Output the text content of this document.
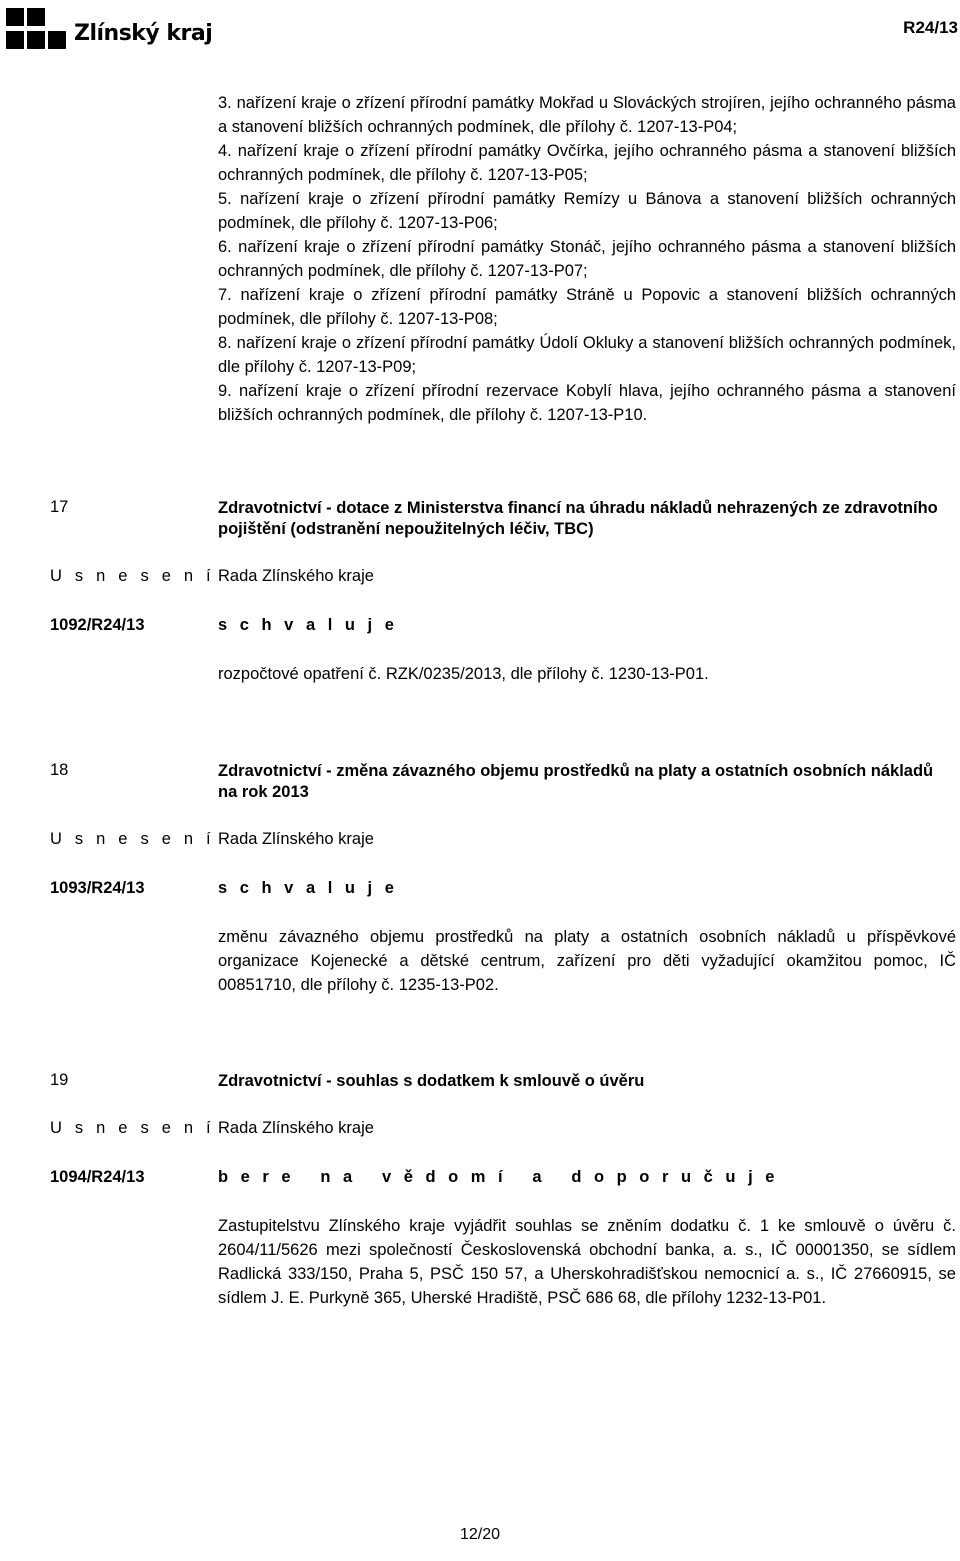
Zlínský kraj	R24/13

3. nařízení kraje o zřízení přírodní památky Mokřad u Slováckých strojíren, jejího ochranného pásma a stanovení bližších ochranných podmínek, dle přílohy č. 1207-13-P04;

4. nařízení kraje o zřízení přírodní památky Ovčírka, jejího ochranného pásma a stanovení bližších ochranných podmínek, dle přílohy č. 1207-13-P05;

5. nařízení kraje o zřízení přírodní památky Remízy u Bánova a stanovení bližších ochranných podmínek, dle přílohy č. 1207-13-P06;

6. nařízení kraje o zřízení přírodní památky Stonáč, jejího ochranného pásma a stanovení bližších ochranných podmínek, dle přílohy č. 1207-13-P07;

7. nařízení kraje o zřízení přírodní památky Stráně u Popovic a stanovení bližších ochranných podmínek, dle přílohy č. 1207-13-P08;

8. nařízení kraje o zřízení přírodní památky Údolí Okluky a stanovení bližších ochranných podmínek, dle přílohy č. 1207-13-P09;

9. nařízení kraje o zřízení přírodní rezervace Kobylí hlava, jejího ochranného pásma a stanovení bližších ochranných podmínek, dle přílohy č. 1207-13-P10.

17	Zdravotnictví - dotace z Ministerstva financí na úhradu nákladů nehrazených ze zdravotního pojištění (odstranění nepoužitelných léčiv, TBC)
U s n e s e n í Rada Zlínského kraje
1092/R24/13	s c h v a l u j e
rozpočtové opatření č. RZK/0235/2013, dle přílohy č. 1230-13-P01.
18	Zdravotnictví - změna závazného objemu prostředků na platy a ostatních osobních nákladů na rok 2013
U s n e s e n í Rada Zlínského kraje
1093/R24/13	s c h v a l u j e
změnu závazného objemu prostředků na platy a ostatních osobních nákladů u příspěvkové organizace Kojenecké a dětské centrum, zařízení pro děti vyžadující okamžitou pomoc, IČ 00851710, dle přílohy č. 1235-13-P02.
19	Zdravotnictví - souhlas s dodatkem k smlouvě o úvěru
U s n e s e n í Rada Zlínského kraje
1094/R24/13	b e r e   n a   v ě d o m í   a   d o p o r u č u j e
Zastupitelstvu Zlínského kraje vyjádřit souhlas se zněním dodatku č. 1 ke smlouvě o úvěru č. 2604/11/5626 mezi společností Československá obchodní banka, a. s., IČ 00001350, se sídlem Radlická 333/150, Praha 5, PSČ 150 57, a Uherskohradišťskou nemocnicí a. s., IČ 27660915, se sídlem J. E. Purkyně 365, Uherské Hradiště, PSČ 686 68, dle přílohy 1232-13-P01.
12/20
